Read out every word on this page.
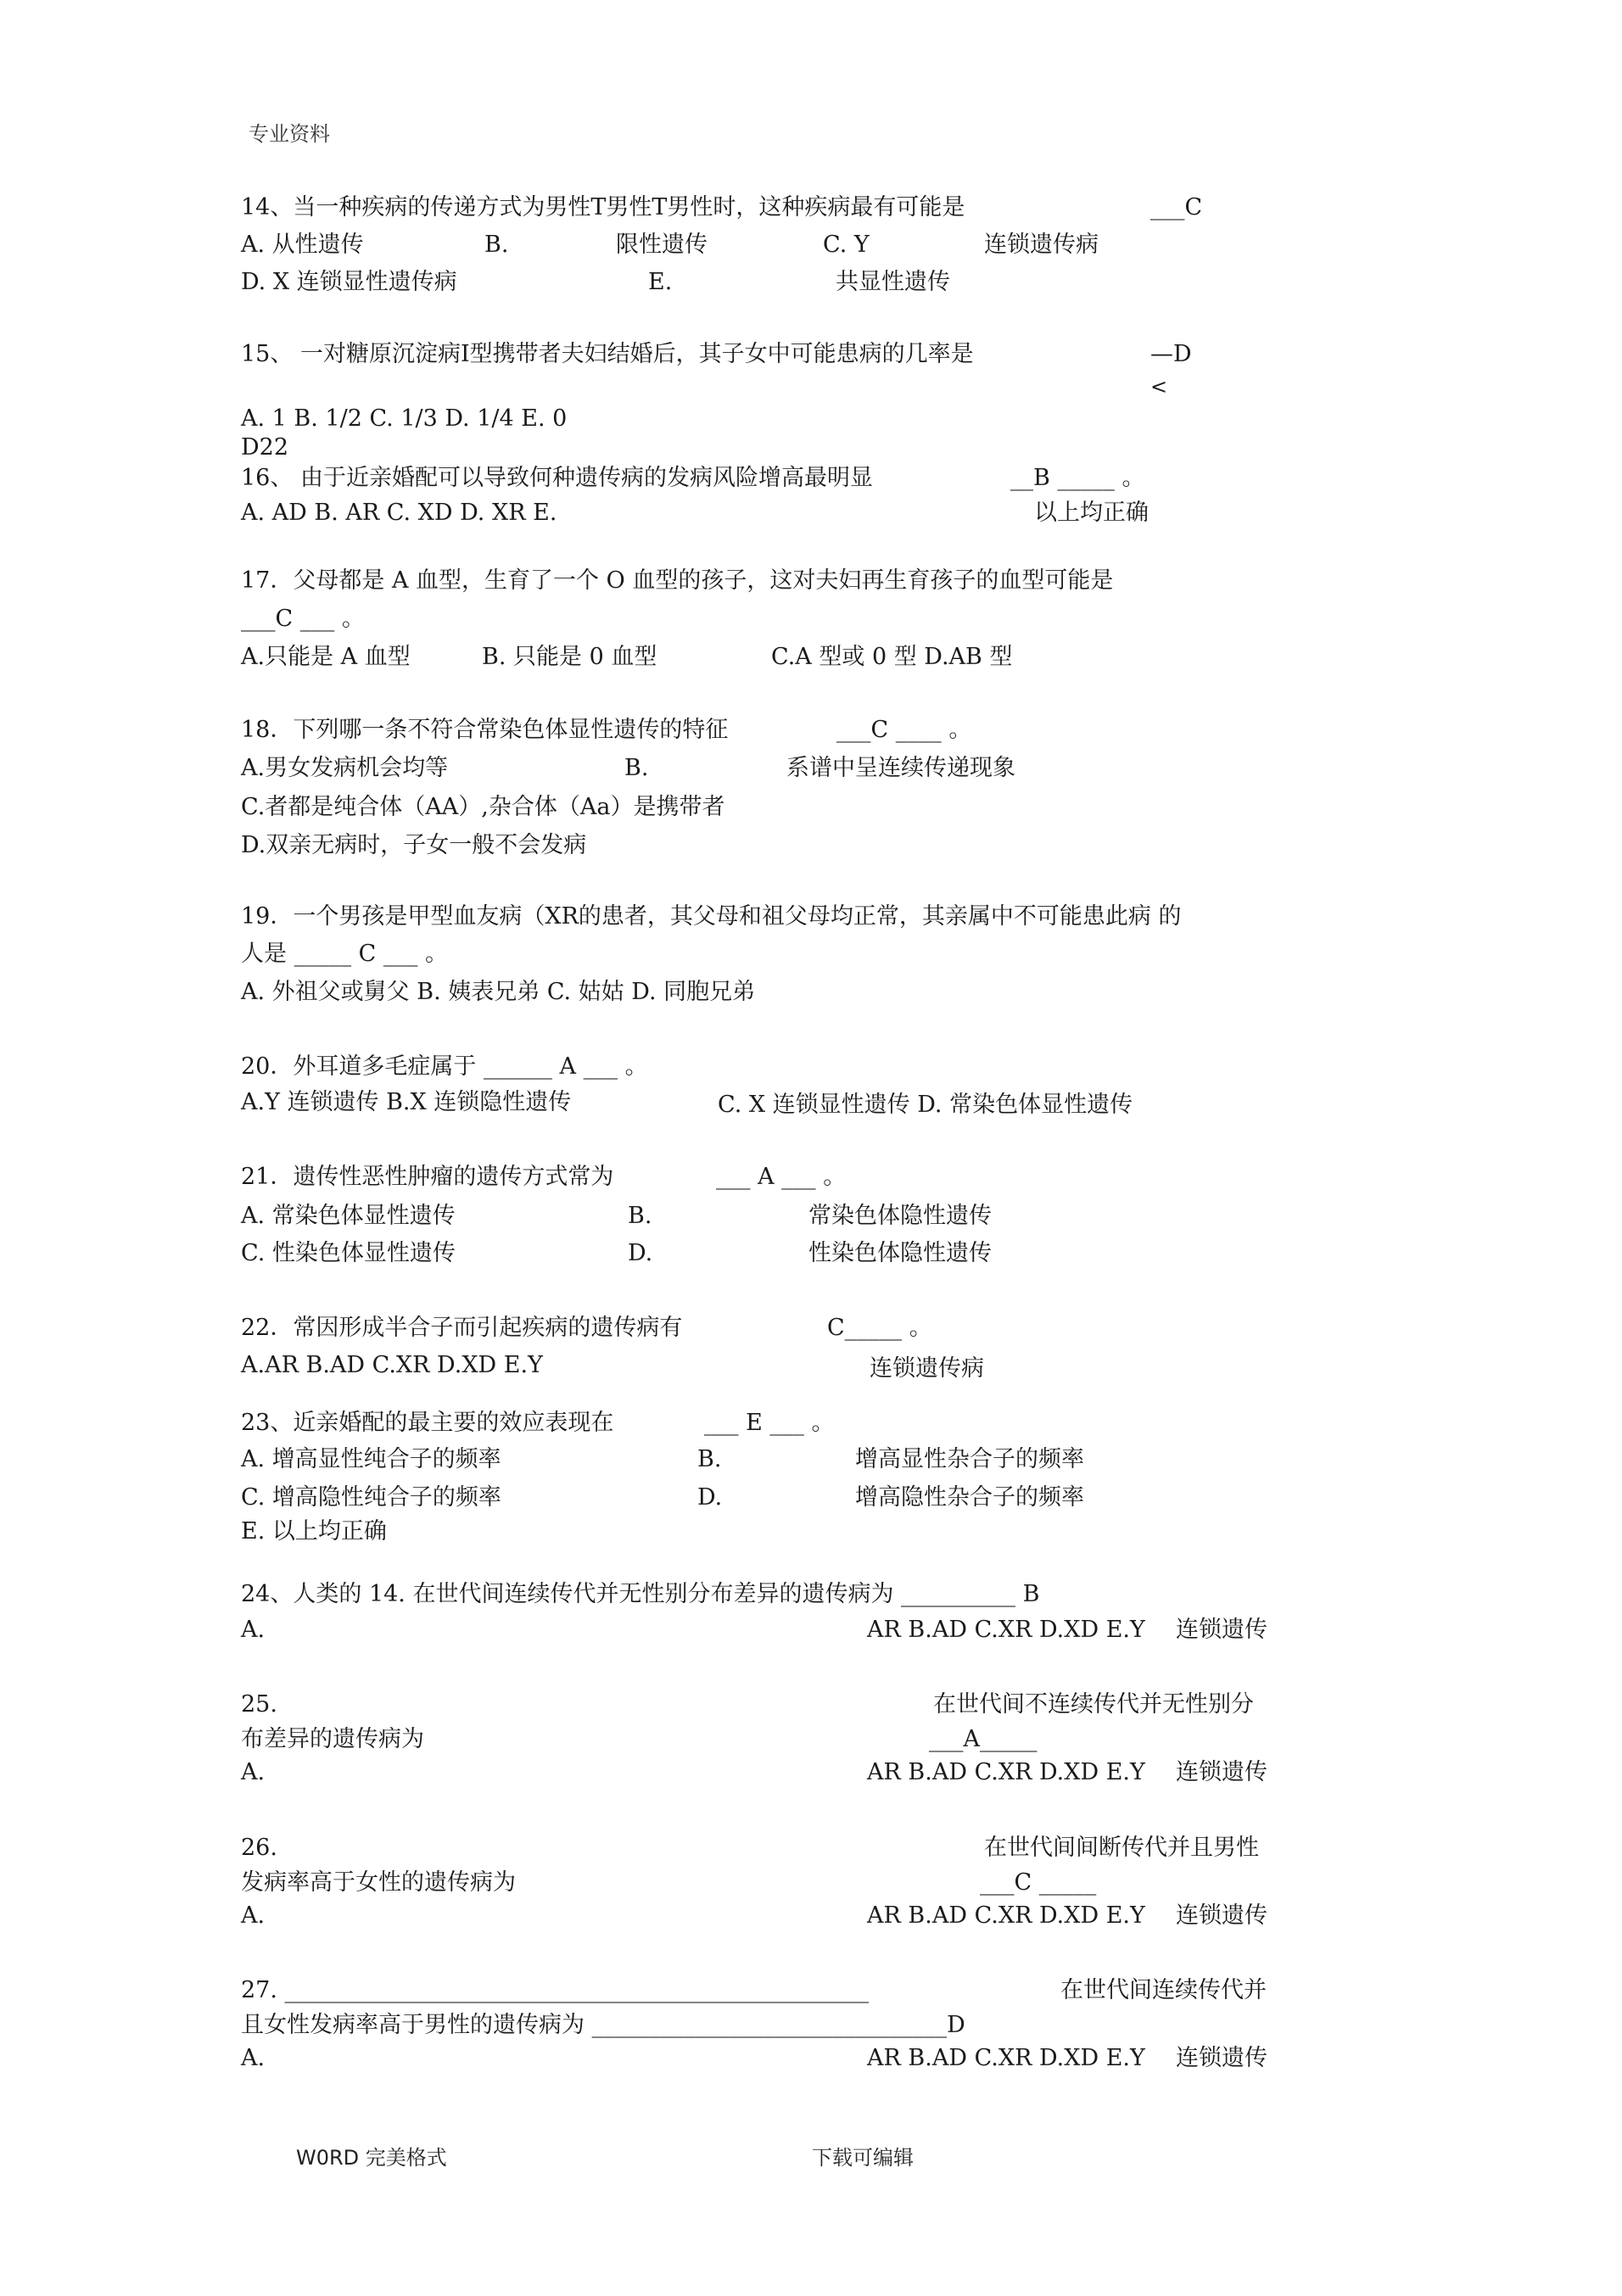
专业资料
14、当一种疾病的传递方式为男性T男性T男性时，这种疾病最有可能是	___C
A. 从性遗传	B.	限性遗传	C. Y	连锁遗传病
D. X 连锁显性遗传病	E.	共显性遗传
15、 一对糖原沉淀病I型携带者夫妇结婚后，其子女中可能患病的几率是	—D
<
A. 1 B. 1/2 C. 1/3 D. 1/4 E. 0
D22
16、 由于近亲婚配可以导致何种遗传病的发病风险增高最明显	__B _____ 。
A. AD B. AR C. XD D. XR E.	以上均正确
17．父母都是 A 血型，生育了一个 O 血型的孩子，这对夫妇再生育孩子的血型可能是
___C ___ 。
A.只能是 A 血型	B. 只能是 0 血型	C.A 型或 0 型 D.AB 型
18．下列哪一条不符合常染色体显性遗传的特征	___C ____ 。
A.男女发病机会均等	B.	系谱中呈连续传递现象
C.者都是纯合体（AA）,杂合体（Aa）是携带者
D.双亲无病时，子女一般不会发病
19．一个男孩是甲型血友病（XR的患者，其父母和祖父母均正常，其亲属中不可能患此病 的
人是 _____ C ___ 。
A. 外祖父或舅父 B. 姨表兄弟 C. 姑姑 D. 同胞兄弟
20．外耳道多毛症属于 ______ A ___ 。
A.Y 连锁遗传 B.X 连锁隐性遗传	C. X 连锁显性遗传 D. 常染色体显性遗传
21．遗传性恶性肿瘤的遗传方式常为	___ A ___ 。
A. 常染色体显性遗传	B.	常染色体隐性遗传
C. 性染色体显性遗传	D.	性染色体隐性遗传
22．常因形成半合子而引起疾病的遗传病有	C_____ 。
A.AR B.AD C.XR D.XD E.Y	连锁遗传病
23、近亲婚配的最主要的效应表现在	___ E ___ 。
A. 增高显性纯合子的频率	B.	增高显性杂合子的频率
C. 增高隐性纯合子的频率	D.	增高隐性杂合子的频率
E. 以上均正确
24、人类的 14. 在世代间连续传代并无性别分布差异的遗传病为 __________ B
A.	AR B.AD C.XR D.XD E.Y 连锁遗传
25.	在世代间不连续传代并无性别分
布差异的遗传病为	___A_____
A.	AR B.AD C.XR D.XD E.Y 连锁遗传
26.	在世代间间断传代并且男性
发病率高于女性的遗传病为	___C _____
A.	AR B.AD C.XR D.XD E.Y 连锁遗传
27. ___________________________________________________	在世代间连续传代并
且女性发病率高于男性的遗传病为 _______________________________D
A.	AR B.AD C.XR D.XD E.Y 连锁遗传
W0RD 完美格式	下载可编辑
